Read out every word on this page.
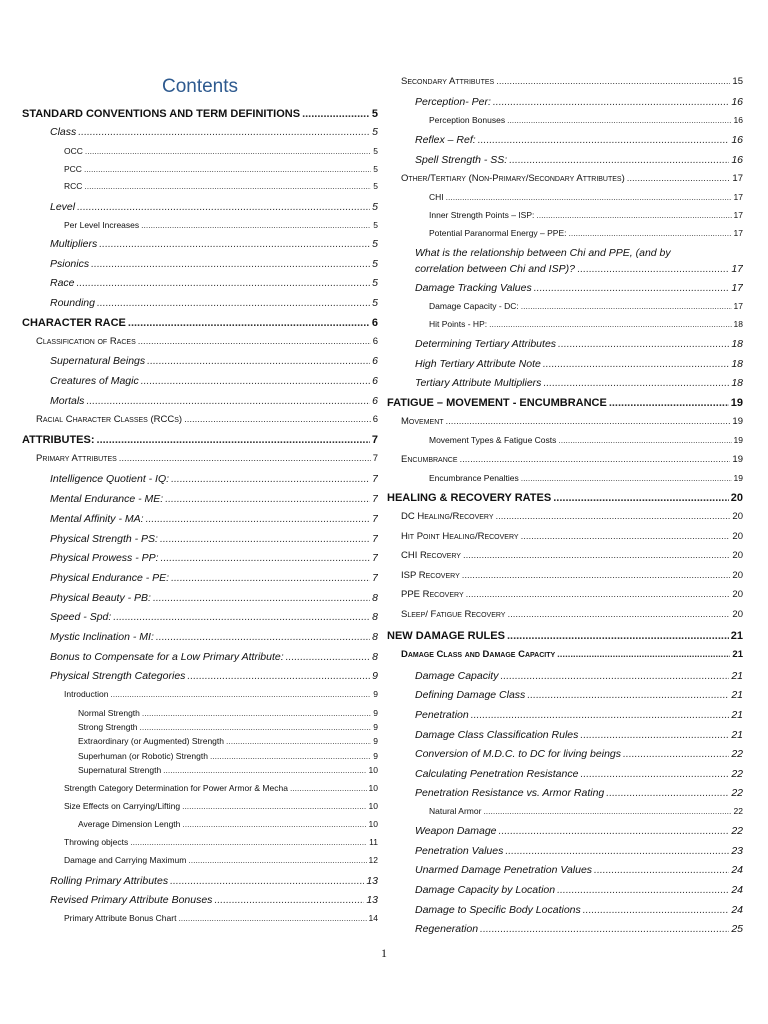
Contents
STANDARD CONVENTIONS AND TERM DEFINITIONS .....	5
Class .....	5
OCC .....	5
PCC .....	5
RCC .....	5
Level .....	5
Per Level Increases .....	5
Multipliers .....	5
Psionics .....	5
Race .....	5
Rounding .....	5
CHARACTER RACE .....	6
Classification of Races .....	6
Supernatural Beings .....	6
Creatures of Magic .....	6
Mortals .....	6
Racial Character Classes (RCCs) .....	6
ATTRIBUTES: .....	7
Primary Attributes .....	7
Intelligence Quotient - IQ: .....	7
Mental Endurance - ME: .....	7
Mental Affinity - MA: .....	7
Physical Strength - PS: .....	7
Physical Prowess - PP: .....	7
Physical Endurance - PE: .....	7
Physical Beauty - PB: .....	8
Speed - Spd: .....	8
Mystic Inclination - MI: .....	8
Bonus to Compensate for a Low Primary Attribute: .....	8
Physical Strength Categories .....	9
Introduction .....	9
Normal Strength .....	9
Strong Strength .....	9
Extraordinary (or Augmented) Strength .....	9
Superhuman (or Robotic) Strength .....	9
Supernatural Strength .....	10
Strength Category Determination for Power Armor & Mecha .....	10
Size Effects on Carrying/Lifting .....	10
Average Dimension Length .....	10
Throwing objects .....	11
Damage and Carrying Maximum .....	12
Rolling Primary Attributes .....	13
Revised Primary Attribute Bonuses .....	13
Primary Attribute Bonus Chart .....	14
Secondary Attributes .....	15
Perception- Per: .....	16
Perception Bonuses .....	16
Reflex – Ref: .....	16
Spell Strength - SS: .....	16
Other/Tertiary (Non-Primary/Secondary Attributes) .....	17
CHI .....	17
Inner Strength Points – ISP: .....	17
Potential Paranormal Energy – PPE: .....	17
What is the relationship between Chi and PPE, (and by
correlation between Chi and ISP)? .....	17
Damage Tracking Values .....	17
Damage Capacity - DC: .....	17
Hit Points - HP: .....	18
Determining Tertiary Attributes .....	18
High Tertiary Attribute Note .....	18
Tertiary Attribute Multipliers .....	18
FATIGUE – MOVEMENT - ENCUMBRANCE .....	19
Movement .....	19
Movement Types & Fatigue Costs .....	19
Encumbrance .....	19
Encumbrance Penalties .....	19
HEALING & RECOVERY RATES .....	20
DC Healing/Recovery .....	20
Hit Point Healing/Recovery .....	20
CHI Recovery .....	20
ISP Recovery .....	20
PPE Recovery .....	20
Sleep/ Fatigue Recovery .....	20
NEW DAMAGE RULES .....	21
Damage Class and Damage Capacity .....	21
Damage Capacity .....	21
Defining Damage Class .....	21
Penetration .....	21
Damage Class Classification Rules .....	21
Conversion of M.D.C. to DC for living beings .....	22
Calculating Penetration Resistance .....	22
Penetration Resistance vs. Armor Rating .....	22
Natural Armor .....	22
Weapon Damage .....	22
Penetration Values .....	23
Unarmed Damage Penetration Values .....	24
Damage Capacity by Location .....	24
Damage to Specific Body Locations .....	24
Regeneration .....	25
1
